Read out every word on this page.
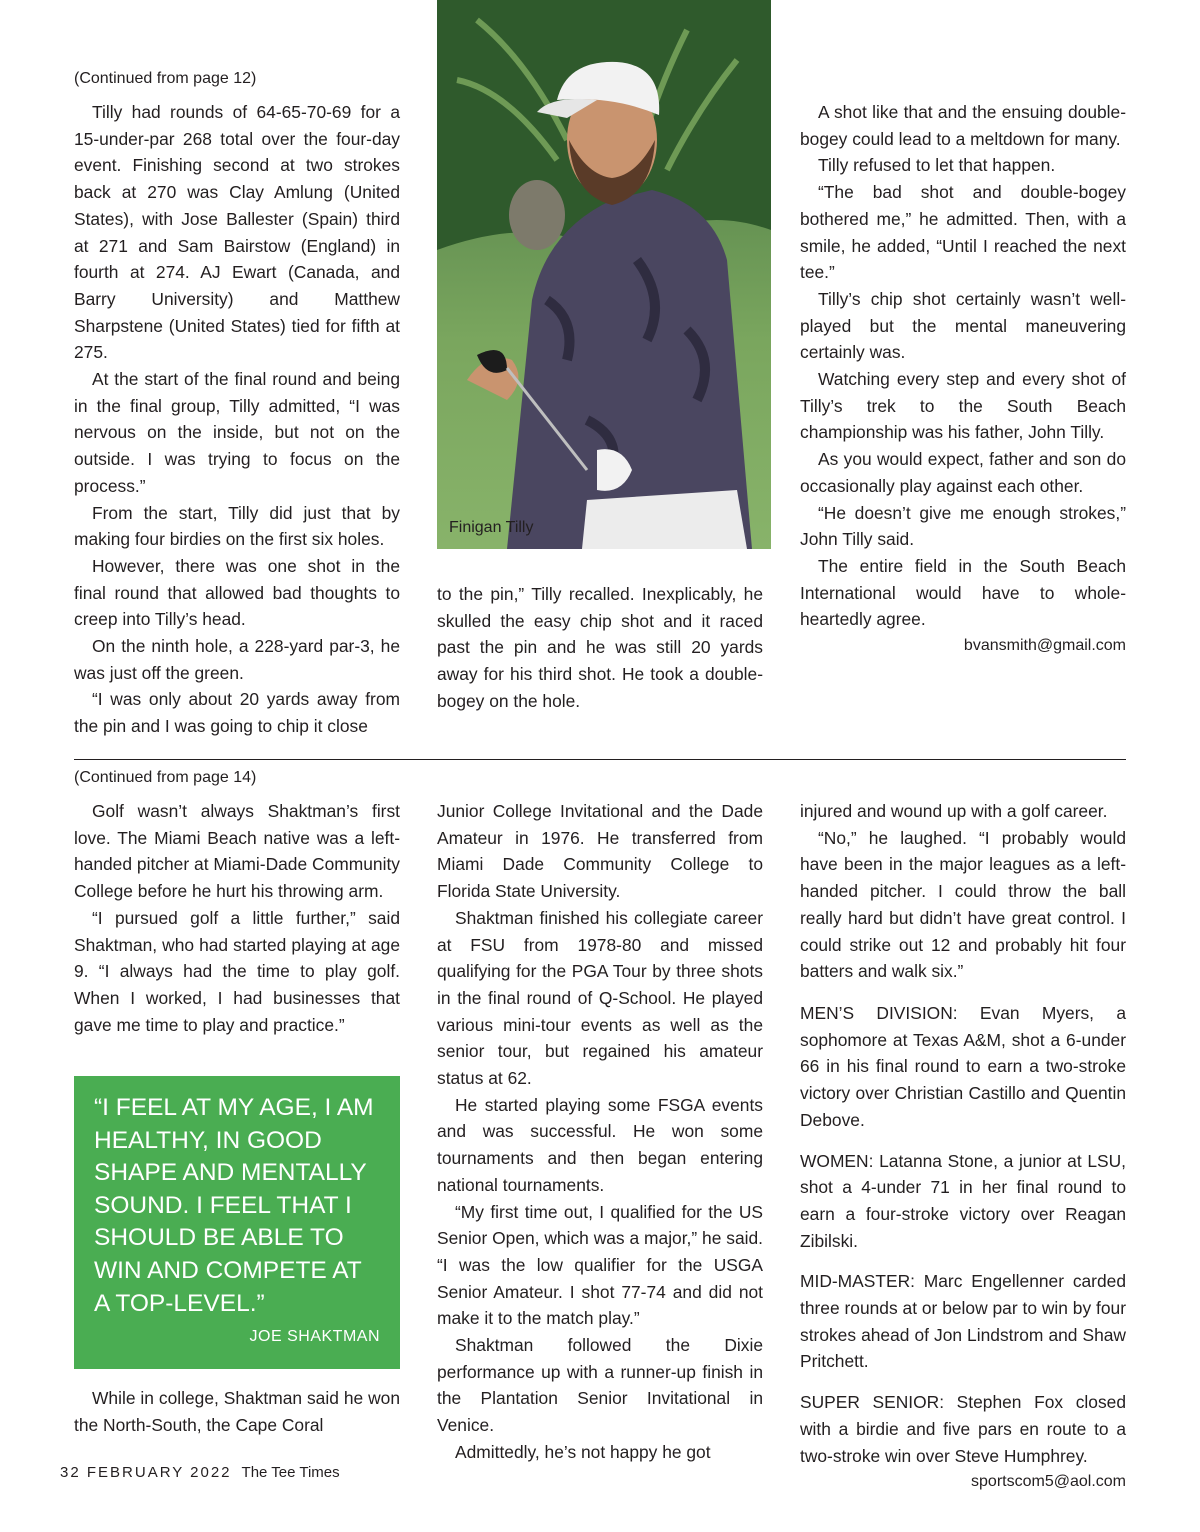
(Continued from page 12)

Tilly had rounds of 64-65-70-69 for a 15-under-par 268 total over the four-day event. Finishing second at two strokes back at 270 was Clay Amlung (United States), with Jose Ballester (Spain) third at 271 and Sam Bairstow (England) in fourth at 274. AJ Ewart (Canada, and Barry University) and Matthew Sharpstene (United States) tied for fifth at 275.

At the start of the final round and being in the final group, Tilly admitted, “I was nervous on the inside, but not on the outside. I was trying to focus on the process.”

From the start, Tilly did just that by making four birdies on the first six holes.

However, there was one shot in the final round that allowed bad thoughts to creep into Tilly’s head.

On the ninth hole, a 228-yard par-3, he was just off the green.

“I was only about 20 yards away from the pin and I was going to chip it close

Finigan Tilly

to the pin,” Tilly recalled. Inexplicably, he skulled the easy chip shot and it raced past the pin and he was still 20 yards away for his third shot. He took a double-bogey on the hole.

A shot like that and the ensuing double-bogey could lead to a meltdown for many.

Tilly refused to let that happen.

“The bad shot and double-bogey bothered me,” he admitted. Then, with a smile, he added, “Until I reached the next tee.”

Tilly’s chip shot certainly wasn’t well-played but the mental maneuvering certainly was.

Watching every step and every shot of Tilly’s trek to the South Beach championship was his father, John Tilly.

As you would expect, father and son do occasionally play against each other.

“He doesn’t give me enough strokes,” John Tilly said.

The entire field in the South Beach International would have to whole-heartedly agree.

bvansmith@gmail.com

(Continued from page 14)

Golf wasn’t always Shaktman’s first love. The Miami Beach native was a left-handed pitcher at Miami-Dade Community College before he hurt his throwing arm.

“I pursued golf a little further,” said Shaktman, who had started playing at age 9. “I always had the time to play golf. When I worked, I had businesses that gave me time to play and practice.”

“I FEEL AT MY AGE, I AM HEALTHY, IN GOOD SHAPE AND MENTALLY SOUND. I FEEL THAT I SHOULD BE ABLE TO WIN AND COMPETE AT A TOP-LEVEL.”
JOE SHAKTMAN

While in college, Shaktman said he won the North-South, the Cape Coral

Junior College Invitational and the Dade Amateur in 1976. He transferred from Miami Dade Community College to Florida State University.

Shaktman finished his collegiate career at FSU from 1978-80 and missed qualifying for the PGA Tour by three shots in the final round of Q-School. He played various mini-tour events as well as the senior tour, but regained his amateur status at 62.

He started playing some FSGA events and was successful. He won some tournaments and then began entering national tournaments.

“My first time out, I qualified for the US Senior Open, which was a major,” he said. “I was the low qualifier for the USGA Senior Amateur. I shot 77-74 and did not make it to the match play.”

Shaktman followed the Dixie performance up with a runner-up finish in the Plantation Senior Invitational in Venice.

Admittedly, he’s not happy he got

injured and wound up with a golf career.

“No,” he laughed. “I probably would have been in the major leagues as a left-handed pitcher. I could throw the ball really hard but didn’t have great control. I could strike out 12 and probably hit four batters and walk six.”

MEN’S DIVISION: Evan Myers, a sophomore at Texas A&M, shot a 6-under 66 in his final round to earn a two-stroke victory over Christian Castillo and Quentin Debove.

WOMEN: Latanna Stone, a junior at LSU, shot a 4-under 71 in her final round to earn a four-stroke victory over Reagan Zibilski.

MID-MASTER: Marc Engellenner carded three rounds at or below par to win by four strokes ahead of Jon Lindstrom and Shaw Pritchett.

SUPER SENIOR: Stephen Fox closed with a birdie and five pars en route to a two-stroke win over Steve Humphrey.

sportscom5@aol.com

32 FEBRUARY 2022 The Tee Times
